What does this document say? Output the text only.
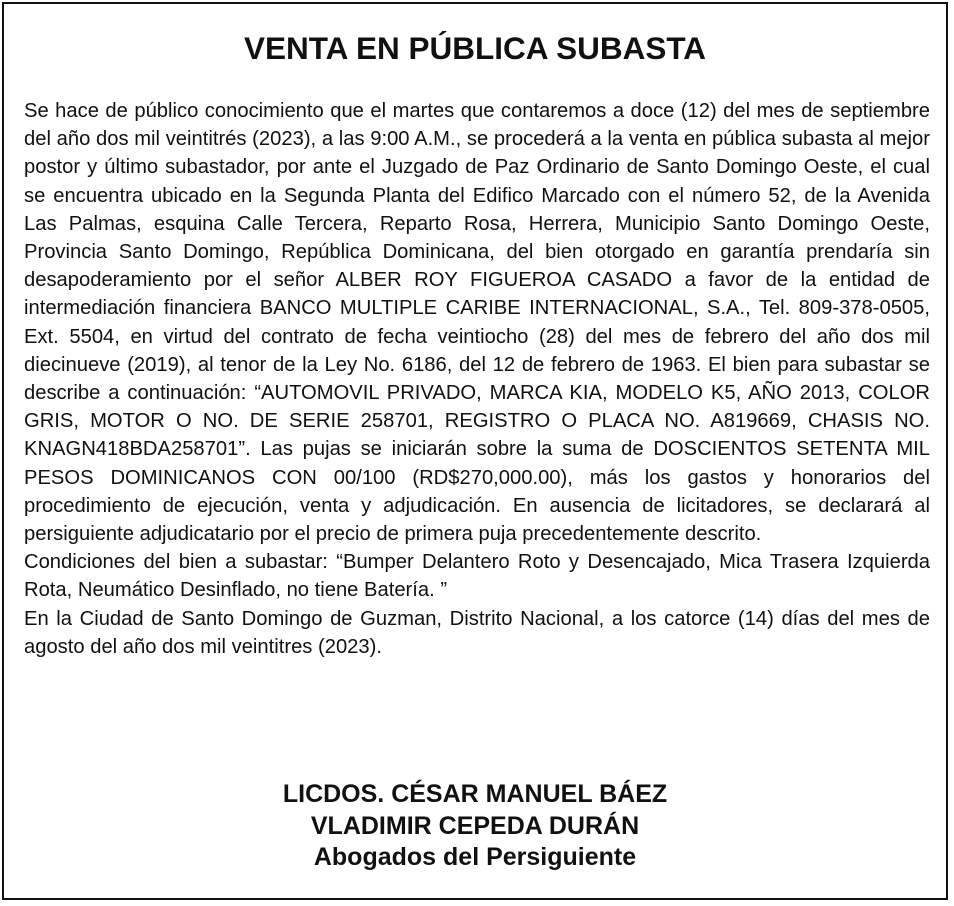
VENTA EN PÚBLICA SUBASTA

Se hace de público conocimiento que el martes que contaremos a doce (12) del mes de septiembre del año dos mil veintitrés (2023), a las 9:00 A.M., se procederá a la venta en pública subasta al mejor postor y último subastador, por ante el Juzgado de Paz Ordinario de Santo Domingo Oeste, el cual se encuentra ubicado en la Segunda Planta del Edifico Marcado con el número 52, de la Avenida Las Palmas, esquina Calle Tercera, Reparto Rosa, Herrera, Municipio Santo Domingo Oeste, Provincia Santo Domingo, República Dominicana, del bien otorgado en garantía prendaría sin desapoderamiento por el señor ALBER ROY FIGUEROA CASADO a favor de la entidad de intermediación financiera BANCO MULTIPLE CARIBE INTERNACIONAL, S.A., Tel. 809-378-0505, Ext. 5504, en virtud del contrato de fecha veintiocho (28) del mes de febrero del año dos mil diecinueve (2019), al tenor de la Ley No. 6186, del 12 de febrero de 1963. El bien para subastar se describe a continuación: “AUTOMOVIL PRIVADO, MARCA KIA, MODELO K5, AÑO 2013, COLOR GRIS, MOTOR O NO. DE SERIE 258701, REGISTRO O PLACA NO. A819669, CHASIS NO. KNAGN418BDA258701”. Las pujas se iniciarán sobre la suma de DOSCIENTOS SETENTA MIL PESOS DOMINICANOS CON 00/100 (RD$270,000.00), más los gastos y honorarios del procedimiento de ejecución, venta y adjudicación. En ausencia de licitadores, se declarará al persiguiente adjudicatario por el precio de primera puja precedentemente descrito.

Condiciones del bien a subastar: “Bumper Delantero Roto y Desencajado, Mica Trasera Izquierda Rota, Neumático Desinflado, no tiene Batería. ”

En la Ciudad de Santo Domingo de Guzman, Distrito Nacional, a los catorce (14) días del mes de agosto del año dos mil veintitres (2023).

LICDOS. CÉSAR MANUEL BÁEZ
VLADIMIR CEPEDA DURÁN
Abogados del Persiguiente
